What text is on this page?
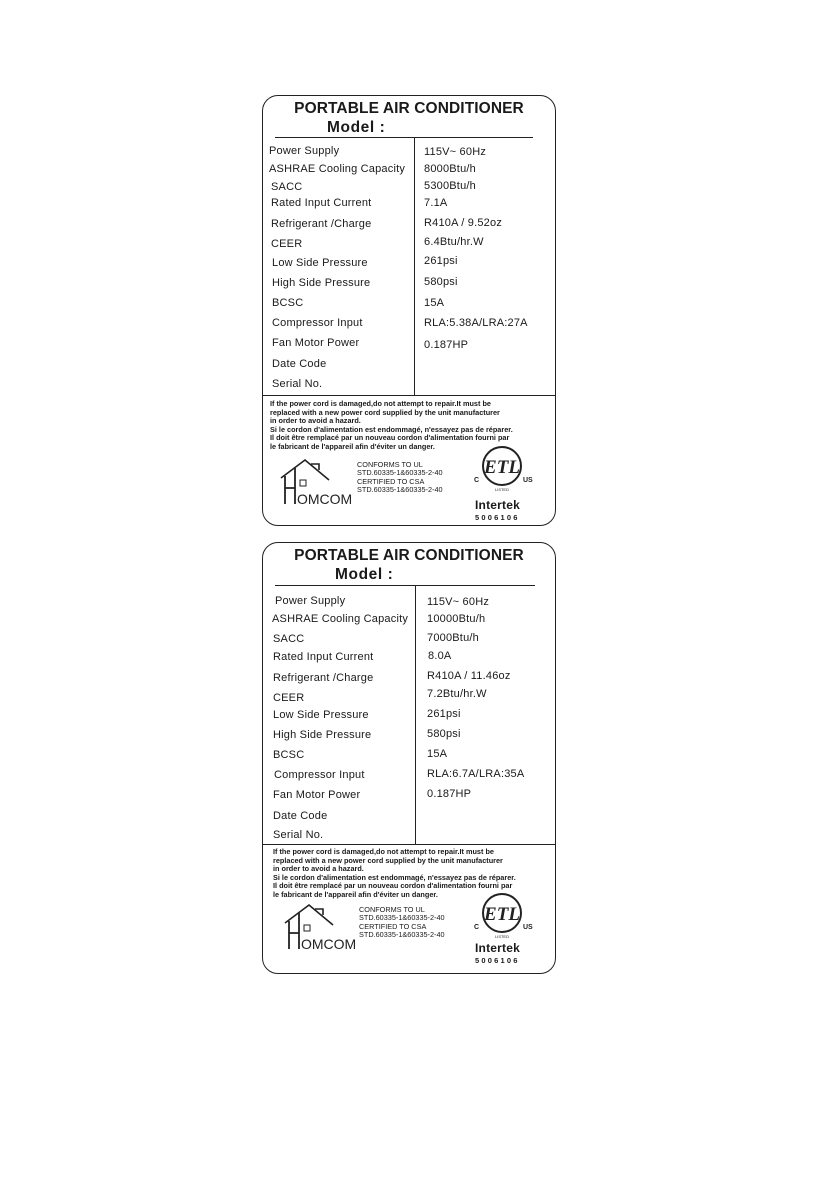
PORTABLE AIR CONDITIONER
Model :
Power Supply	115V~ 60Hz
ASHRAE Cooling Capacity 8000Btu/h
SACC	5300Btu/h
Rated Input Current	7.1A
Refrigerant /Charge	R410A / 9.52oz
CEER	6.4Btu/hr.W
Low Side Pressure	261psi
High Side Pressure	580psi
BCSC	15A
Compressor Input	RLA:5.38A/LRA:27A
Fan Motor Power	0.187HP
Date Code
Serial No.
If the power cord is damaged,do not attempt to repair.It must be
replaced with a new power cord supplied by the unit manufacturer
in order to avoid a hazard.
Si le cordon d'alimentation est endommagé, n'essayez pas de réparer.
Il doit être remplacé par un nouveau cordon d'alimentation fourni par
le fabricant de l'appareil afin d'éviter un danger.
OMCOM
CONFORMS TO UL
STD.60335-1&60335-2-40
CERTIFIED TO CSA
STD.60335-1&60335-2-40
ETL
C	US
LISTED
Intertek
5006106
PORTABLE AIR CONDITIONER
Model :
Power Supply	115V~ 60Hz
ASHRAE Cooling Capacity 10000Btu/h
SACC	7000Btu/h
Rated Input Current	8.0A
Refrigerant /Charge	R410A / 11.46oz
CEER	7.2Btu/hr.W
Low Side Pressure	261psi
High Side Pressure	580psi
BCSC	15A
Compressor Input	RLA:6.7A/LRA:35A
Fan Motor Power	0.187HP
Date Code
Serial No.
If the power cord is damaged,do not attempt to repair.It must be
replaced with a new power cord supplied by the unit manufacturer
in order to avoid a hazard.
Si le cordon d'alimentation est endommagé, n'essayez pas de réparer.
Il doit être remplacé par un nouveau cordon d'alimentation fourni par
le fabricant de l'appareil afin d'éviter un danger.
OMCOM
CONFORMS TO UL
STD.60335-1&60335-2-40
CERTIFIED TO CSA
STD.60335-1&60335-2-40
ETL
C	US
LISTED
Intertek
5006106
